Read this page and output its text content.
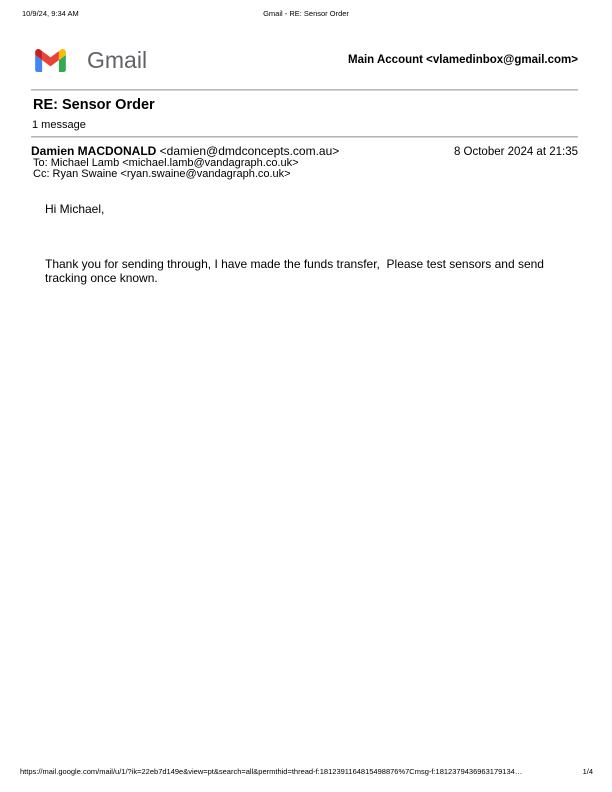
10/9/24, 9:34 AM	Gmail - RE: Sensor Order
Gmail	Main Account <vlamedinbox@gmail.com>
RE: Sensor Order
1 message
Damien MACDONALD <damien@dmdconcepts.com.au>	8 October 2024 at 21:35
To: Michael Lamb <michael.lamb@vandagraph.co.uk>
Cc: Ryan Swaine <ryan.swaine@vandagraph.co.uk>
Hi Michael,
Thank you for sending through, I have made the funds transfer,  Please test sensors and send tracking once known.
https://mail.google.com/mail/u/1/?ik=22eb7d149e&view=pt&search=all&permthid=thread-f:1812391164815498876%7Cmsg-f:1812379436963179134…	1/4
